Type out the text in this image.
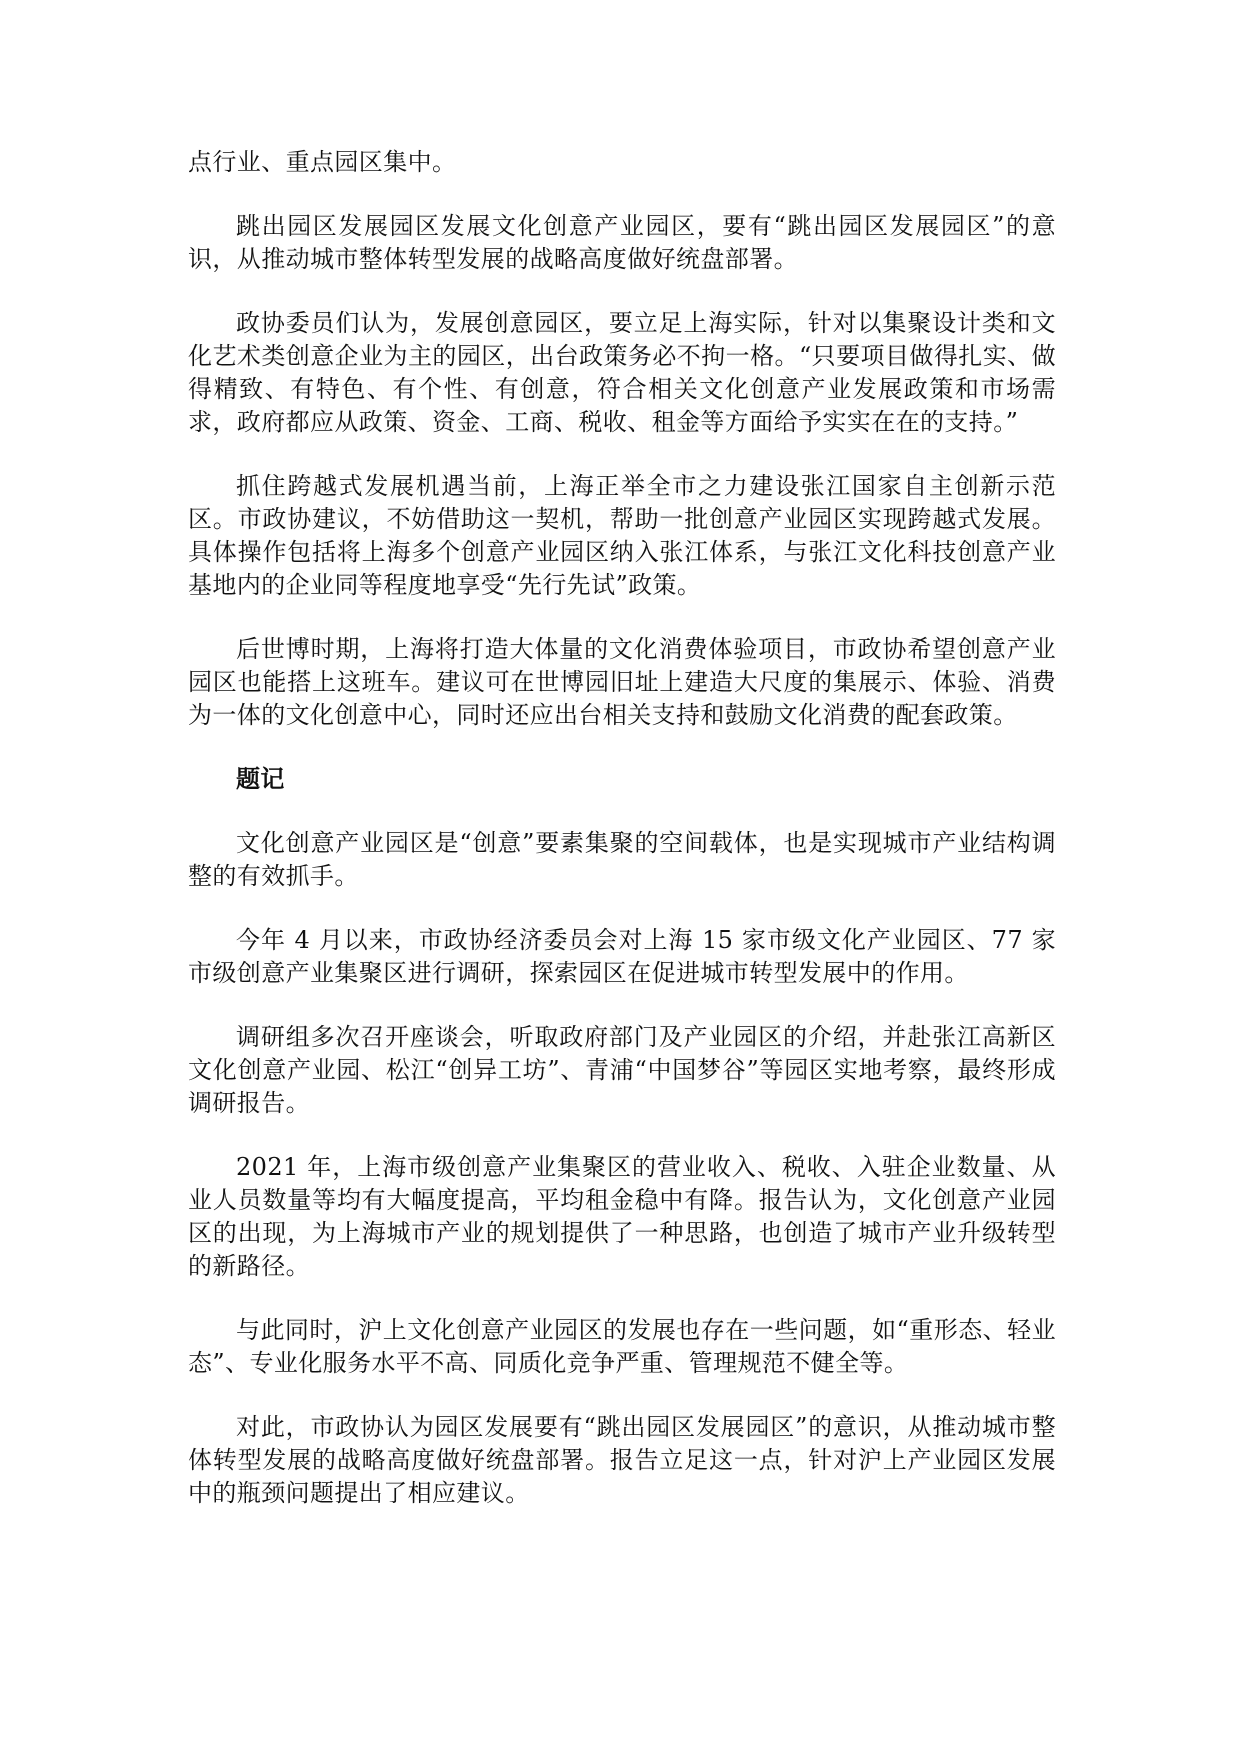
点行业、重点园区集中。

跳出园区发展园区发展文化创意产业园区，要有“跳出园区发展园区”的意识，从推动城市整体转型发展的战略高度做好统盘部署。

政协委员们认为，发展创意园区，要立足上海实际，针对以集聚设计类和文化艺术类创意企业为主的园区，出台政策务必不拘一格。“只要项目做得扎实、做得精致、有特色、有个性、有创意，符合相关文化创意产业发展政策和市场需求，政府都应从政策、资金、工商、税收、租金等方面给予实实在在的支持。”

抓住跨越式发展机遇当前，上海正举全市之力建设张江国家自主创新示范区。市政协建议，不妨借助这一契机，帮助一批创意产业园区实现跨越式发展。具体操作包括将上海多个创意产业园区纳入张江体系，与张江文化科技创意产业基地内的企业同等程度地享受“先行先试”政策。

后世博时期，上海将打造大体量的文化消费体验项目，市政协希望创意产业园区也能搭上这班车。建议可在世博园旧址上建造大尺度的集展示、体验、消费为一体的文化创意中心，同时还应出台相关支持和鼓励文化消费的配套政策。

题记

文化创意产业园区是“创意”要素集聚的空间载体，也是实现城市产业结构调整的有效抓手。

今年 4 月以来，市政协经济委员会对上海 15 家市级文化产业园区、77 家市级创意产业集聚区进行调研，探索园区在促进城市转型发展中的作用。

调研组多次召开座谈会，听取政府部门及产业园区的介绍，并赴张江高新区文化创意产业园、松江“创异工坊”、青浦“中国梦谷”等园区实地考察，最终形成调研报告。

2021 年，上海市级创意产业集聚区的营业收入、税收、入驻企业数量、从业人员数量等均有大幅度提高，平均租金稳中有降。报告认为，文化创意产业园区的出现，为上海城市产业的规划提供了一种思路，也创造了城市产业升级转型的新路径。

与此同时，沪上文化创意产业园区的发展也存在一些问题，如“重形态、轻业态”、专业化服务水平不高、同质化竞争严重、管理规范不健全等。

对此，市政协认为园区发展要有“跳出园区发展园区”的意识，从推动城市整体转型发展的战略高度做好统盘部署。报告立足这一点，针对沪上产业园区发展中的瓶颈问题提出了相应建议。
